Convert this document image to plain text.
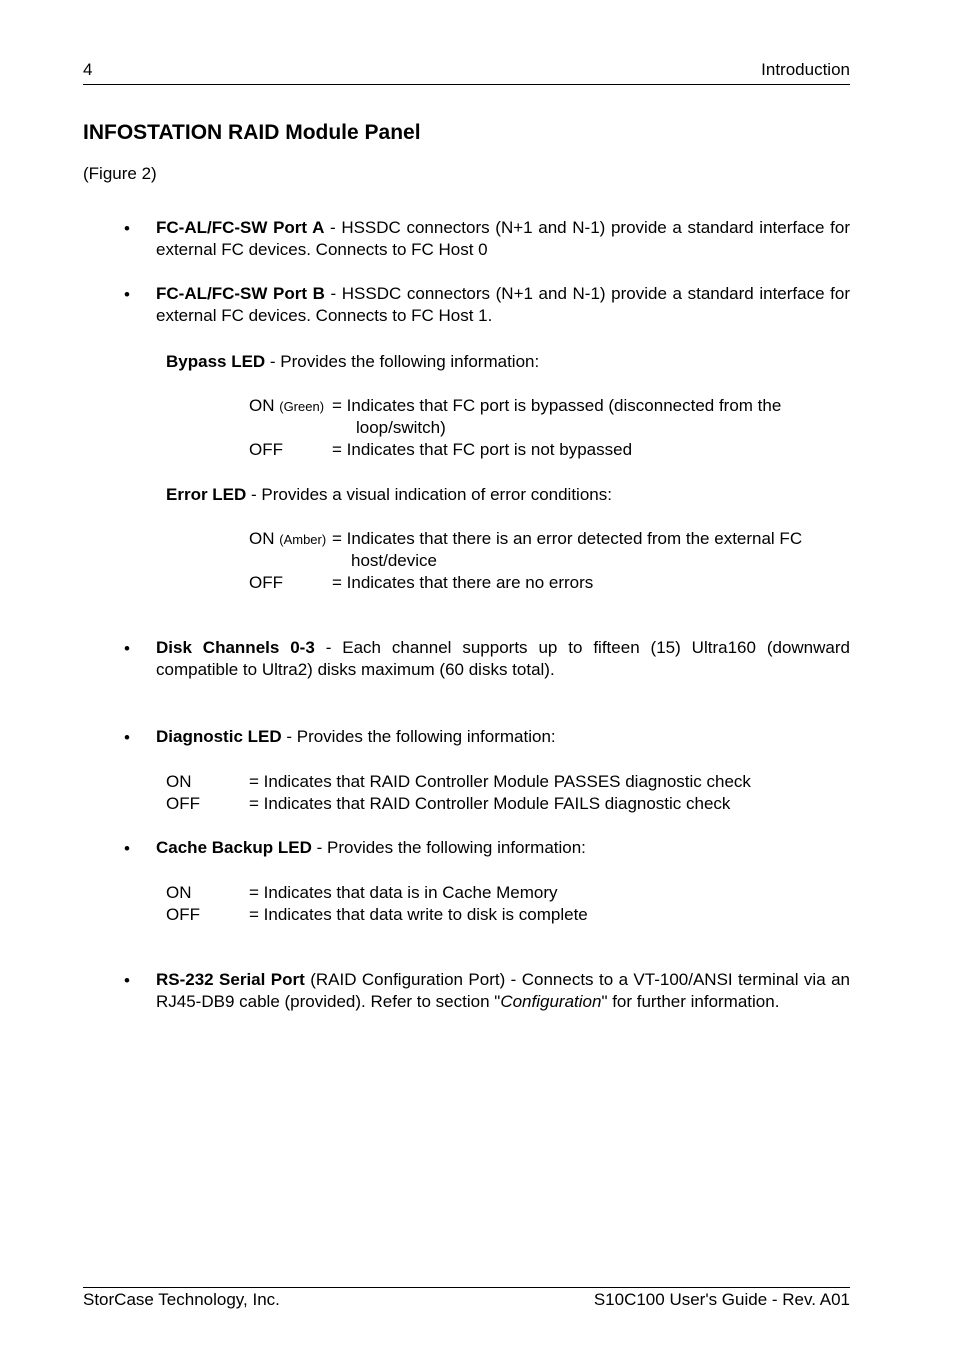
4	Introduction
INFOSTATION RAID Module Panel
(Figure 2)
• FC-AL/FC-SW Port A - HSSDC connectors (N+1 and N-1) provide a standard interface for external FC devices. Connects to FC Host 0
• FC-AL/FC-SW Port B - HSSDC connectors (N+1 and N-1) provide a standard interface for external FC devices. Connects to FC Host 1.
Bypass LED - Provides the following information:
ON (Green) = Indicates that FC port is bypassed (disconnected from the
loop/switch)
OFF	= Indicates that FC port is not bypassed
Error LED - Provides a visual indication of error conditions:
ON (Amber) = Indicates that there is an error detected from the external FC
host/device
OFF	= Indicates that there are no errors
• Disk Channels 0-3 - Each channel supports up to fifteen (15) Ultra160 (downward compatible to Ultra2) disks maximum (60 disks total).
• Diagnostic LED - Provides the following information:
ON	= Indicates that RAID Controller Module PASSES diagnostic check
OFF	= Indicates that RAID Controller Module FAILS diagnostic check
• Cache Backup LED - Provides the following information:
ON	= Indicates that data is in Cache Memory
OFF	= Indicates that data write to disk is complete
• RS-232 Serial Port (RAID Configuration Port) - Connects to a VT-100/ANSI terminal via an RJ45-DB9 cable (provided). Refer to section "Configuration" for further information.
StorCase Technology, Inc.	S10C100 User's Guide - Rev. A01
